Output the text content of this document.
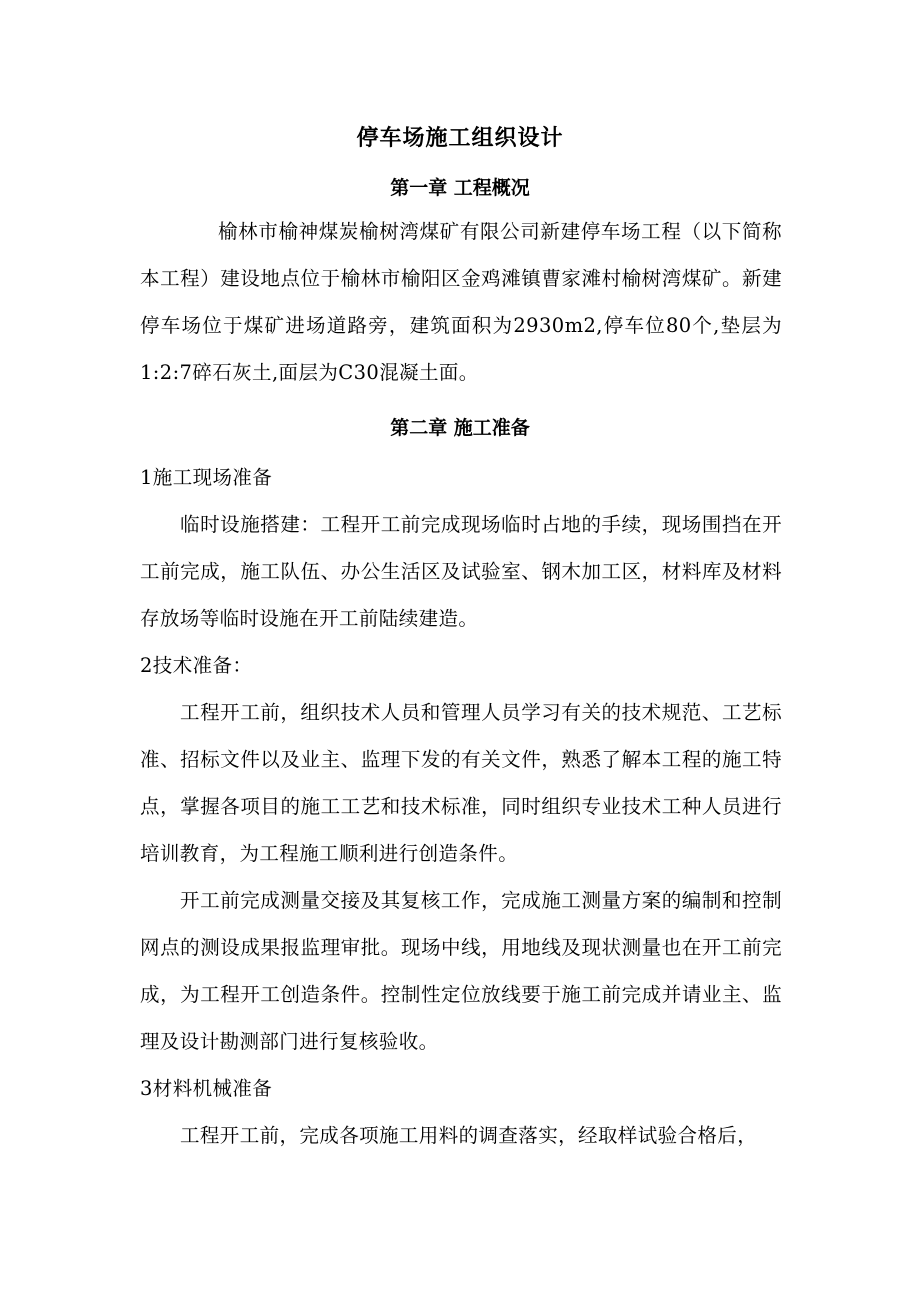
停车场施工组织设计
第一章 工程概况

榆林市榆神煤炭榆树湾煤矿有限公司新建停车场工程（以下简称本工程）建设地点位于榆林市榆阳区金鸡滩镇曹家滩村榆树湾煤矿。新建停车场位于煤矿进场道路旁，建筑面积为2930m2,停车位80个,垫层为1:2:7碎石灰土,面层为C30混凝土面。

第二章 施工准备

1施工现场准备

临时设施搭建：工程开工前完成现场临时占地的手续，现场围挡在开工前完成，施工队伍、办公生活区及试验室、钢木加工区，材料库及材料存放场等临时设施在开工前陆续建造。

2技术准备：

工程开工前，组织技术人员和管理人员学习有关的技术规范、工艺标准、招标文件以及业主、监理下发的有关文件，熟悉了解本工程的施工特点，掌握各项目的施工工艺和技术标准，同时组织专业技术工种人员进行培训教育，为工程施工顺利进行创造条件。

开工前完成测量交接及其复核工作，完成施工测量方案的编制和控制网点的测设成果报监理审批。现场中线，用地线及现状测量也在开工前完成，为工程开工创造条件。控制性定位放线要于施工前完成并请业主、监理及设计勘测部门进行复核验收。

3材料机械准备

工程开工前，完成各项施工用料的调查落实，经取样试验合格后，
